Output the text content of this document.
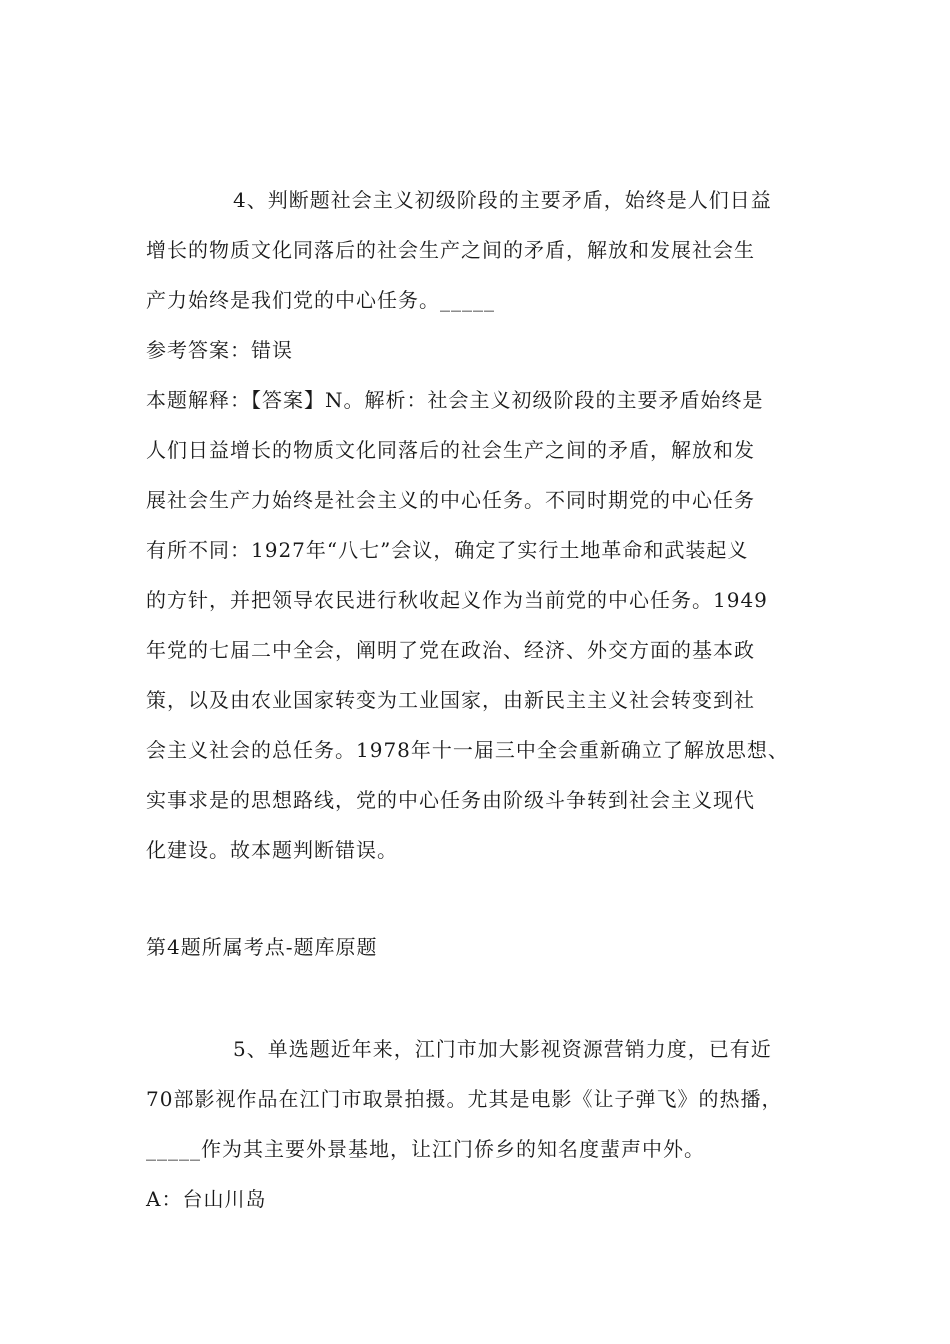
4、判断题社会主义初级阶段的主要矛盾，始终是人们日益
增长的物质文化同落后的社会生产之间的矛盾，解放和发展社会生
产力始终是我们党的中心任务。_____
参考答案：错误
本题解释：【答案】N。解析：社会主义初级阶段的主要矛盾始终是
人们日益增长的物质文化同落后的社会生产之间的矛盾，解放和发
展社会生产力始终是社会主义的中心任务。不同时期党的中心任务
有所不同：1927年“八七”会议，确定了实行土地革命和武装起义
的方针，并把领导农民进行秋收起义作为当前党的中心任务。1949
年党的七届二中全会，阐明了党在政治、经济、外交方面的基本政
策，以及由农业国家转变为工业国家，由新民主主义社会转变到社
会主义社会的总任务。1978年十一届三中全会重新确立了解放思想、
实事求是的思想路线，党的中心任务由阶级斗争转到社会主义现代
化建设。故本题判断错误。
第4题所属考点-题库原题
5、单选题近年来，江门市加大影视资源营销力度，已有近
70部影视作品在江门市取景拍摄。尤其是电影《让子弹飞》的热播，
_____作为其主要外景基地，让江门侨乡的知名度蜚声中外。
A：台山川岛
